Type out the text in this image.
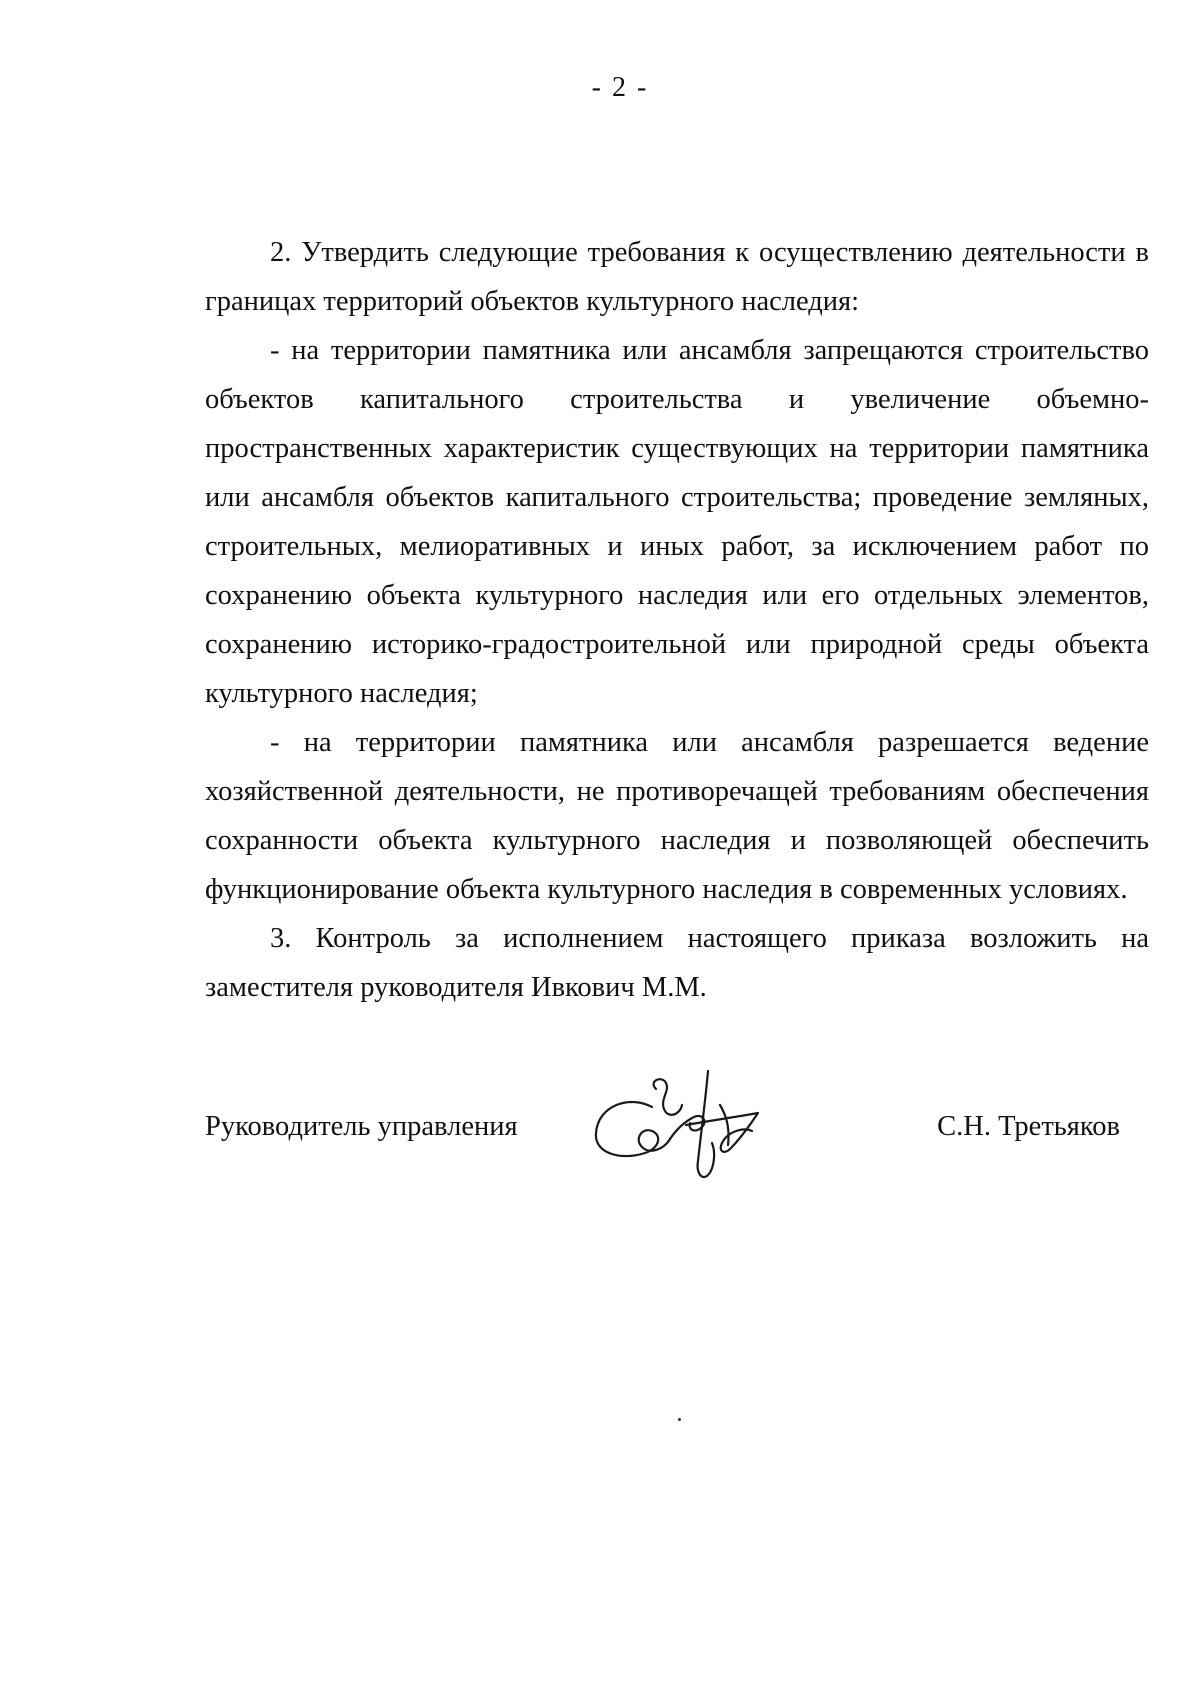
- 2 -

2. Утвердить следующие требования к осуществлению деятельности в границах территорий объектов культурного наследия:

- на территории памятника или ансамбля запрещаются строительство объектов капитального строительства и увеличение объемно-пространственных характеристик существующих на территории памятника или ансамбля объектов капитального строительства; проведение земляных, строительных, мелиоративных и иных работ, за исключением работ по сохранению объекта культурного наследия или его отдельных элементов, сохранению историко-градостроительной или природной среды объекта культурного наследия;

- на территории памятника или ансамбля разрешается ведение хозяйственной деятельности, не противоречащей требованиям обеспечения сохранности объекта культурного наследия и позволяющей обеспечить функционирование объекта культурного наследия в современных условиях.

3. Контроль за исполнением настоящего приказа возложить на заместителя руководителя Ивкович М.М.

Руководитель управления	С.Н. Третьяков
